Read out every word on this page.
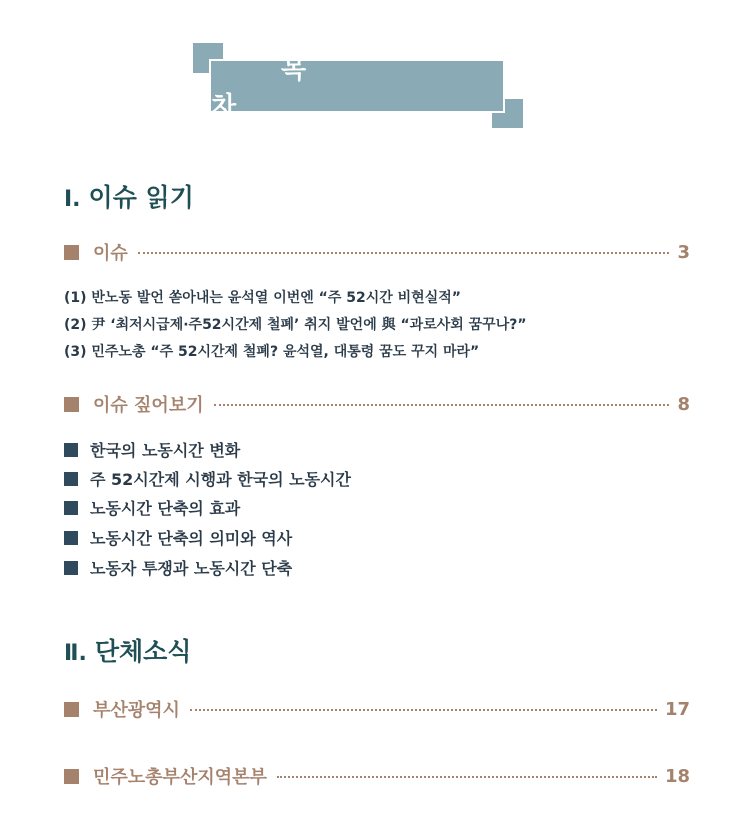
목 차
Ⅰ. 이슈 읽기
이슈	3
(1) 반노동 발언 쏟아내는 윤석열 이번엔 “주 52시간 비현실적”
(2) 尹 ‘최저시급제·주52시간제 철폐’ 취지 발언에 與 “과로사회 꿈꾸나?”
(3) 민주노총 “주 52시간제 철폐? 윤석열, 대통령 꿈도 꾸지 마라”
이슈 짚어보기	8
한국의 노동시간 변화
주 52시간제 시행과 한국의 노동시간
노동시간 단축의 효과
노동시간 단축의 의미와 역사
노동자 투쟁과 노동시간 단축
Ⅱ. 단체소식
부산광역시	17
민주노총부산지역본부	18
